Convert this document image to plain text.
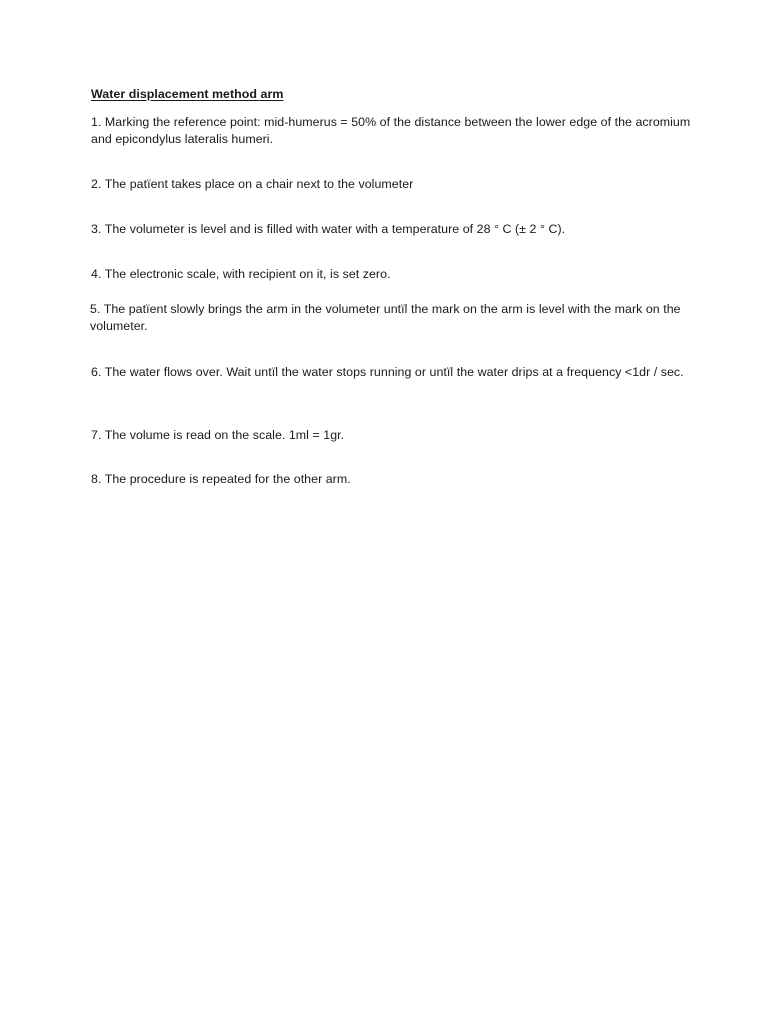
Water displacement method arm

1. Marking the reference point: mid-humerus = 50% of the distance between the lower edge of the acromium and epicondylus lateralis humeri.

2. The patïent takes place on a chair next to the volumeter

3. The volumeter is level and is filled with water with a temperature of 28 ° C (± 2 ° C).

4. The electronic scale, with recipient on it, is set zero.

5. The patïent slowly brings the arm in the volumeter untïl the mark on the arm is level with the mark on the volumeter.

6. The water flows over. Wait untïl the water stops running or untïl the water drips at a frequency <1dr / sec.

7. The volume is read on the scale. 1ml = 1gr.

8. The procedure is repeated for the other arm.
